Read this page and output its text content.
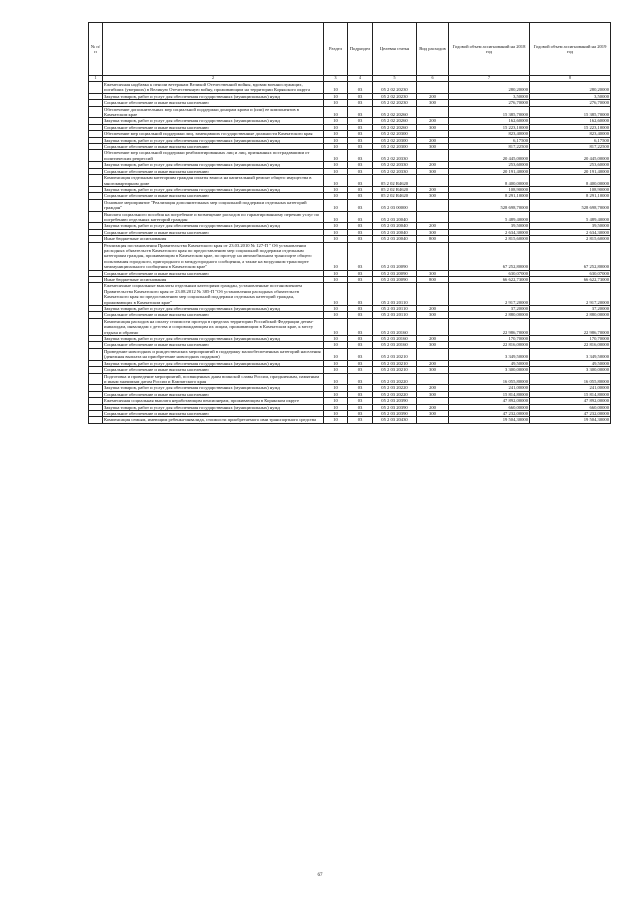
№ п/п		Раздел	Подраздел	Целевая статья	Вид расходов	Годовой объем ассигнований на 2018 год	Годовой объем ассигнований на 2019 год
1	2	3	4	5	6	7	8
	Ежемесячная надбавка к пенсии ветеранам Великой Отечественной войны, вдовам военнослужащих, погибших (умерших) в Великую Отечественную войну, проживающим на территории Корякского округа	10	03	05 2 02 20230		280,20000	280,20000
	Закупка товаров, работ и услуг для обеспечения государственных (муниципальных) нужд	10	03	05 2 02 20230	200	3,50000	3,50000
	Социальное обеспечение и иные выплаты населению	10	03	05 2 02 20230	300	276,70000	276,70000
	Обеспечение дополнительных мер социальной поддержки донорам крови и (или) ее компонентов в Камчатском крае	10	03	05 2 02 20260		15 385,70000	15 385,70000
	Закупка товаров, работ и услуг для обеспечения государственных (муниципальных) нужд	10	03	05 2 02 20260	200	162,60000	162,60000
	Социальное обеспечение и иные выплаты населению	10	03	05 2 02 20260	300	15 223,10000	15 223,10000
	Обеспечение мер социальной поддержки лиц, замещавших государственные должности Камчатского края	10	03	05 2 02 20300		823,40000	823,40000
	Закупка товаров, работ и услуг для обеспечения государственных (муниципальных) нужд	10	03	05 2 02 20300	200	6,17500	6,17500
	Социальное обеспечение и иные выплаты населению	10	03	05 2 02 20300	300	817,22500	817,22500
	Обеспечение мер социальной поддержки реабилитированных лиц и лиц, признанных пострадавшими от политических репрессий	10	03	05 2 02 20330		20 445,00000	20 445,00000
	Закупка товаров, работ и услуг для обеспечения государственных (муниципальных) нужд	10	03	05 2 02 20330	200	253,60000	253,60000
	Социальное обеспечение и иные выплаты населению	10	03	05 2 02 20330	300	20 191,40000	20 191,40000
	Компенсация отдельным категориям граждан оплаты взноса на капитальный ремонт общего имущества в многоквартирном доме	10	03	05 2 02 R4620		8 400,00000	8 400,00000
	Закупка товаров, работ и услуг для обеспечения государственных (муниципальных) нужд	10	03	05 2 02 R4620	200	108,90000	108,90000
	Социальное обеспечение и иные выплаты населению	10	03	05 2 02 R4620	300	8 291,10000	8 291,10000
	Основное мероприятие "Реализация дополнительных мер социальной поддержки отдельных категорий граждан"	10	03	05 2 03 00000		528 698,70000	528 698,70000
	Выплата социального пособия на погребение и возмещение расходов по гарантированному перечню услуг по погребению отдельных категорий граждан	10	03	05 2 03 20040		5 489,40000	5 489,40000
	Закупка товаров, работ и услуг для обеспечения государственных (муниципальных) нужд	10	03	05 2 03 20040	200	39,50000	39,50000
	Социальное обеспечение и иные выплаты населению	10	03	05 2 03 20040	300	2 634,30000	2 634,30000
	Иные бюджетные ассигнования	10	03	05 2 03 20040	800	2 815,60000	2 815,60000
	Реализация постановления Правительства Камчатского края от 23.03.2010 № 127-П " Об установлении расходных обязательств Камчатского края по предоставлению мер социальной поддержки отдельным категориям граждан, проживающим в Камчатском крае, по проезду на автомобильном транспорте общего пользования городского, пригородного и междугородного сообщения, а также на воздушном транспорте межмуниципального сообщения в Камчатском крае"	10	03	05 2 03 20090		67 252,80000	67 252,80000
	Социальное обеспечение и иные выплаты населению	10	03	05 2 03 20090	300	630,07000	630,07000
	Иные бюджетные ассигнования	10	03	05 2 03 20090	800	66 622,73000	66 622,73000
	Ежемесячные социальные выплаты отдельным категориям граждан, установленные постановлением Правительства Камчатского края от 23.08.2012 № 385-П "Об установлении расходных обязательств Камчатского края по предоставлению мер социальной поддержки отдельных категорий граждан, проживающих в Камчатском крае"	10	03	05 2 03 20110		2 917,20000	2 917,20000
	Закупка товаров, работ и услуг для обеспечения государственных (муниципальных) нужд	10	03	05 2 03 20110	200	37,20000	37,20000
	Социальное обеспечение и иные выплаты населению	10	03	05 2 03 20110	300	2 880,00000	2 880,00000
	Компенсация расходов на оплату стоимости проезда в пределах территории Российской Федерации детям-инвалидам, инвалидам с детства и сопровождающим их лицам, проживающим в Камчатском крае, к месту отдыха и обратно	10	03	05 2 03 20160		22 986,70000	22 986,70000
	Закупка товаров, работ и услуг для обеспечения государственных (муниципальных) нужд	10	03	05 2 03 20160	200	170,70000	170,70000
	Социальное обеспечение и иные выплаты населению	10	03	05 2 03 20160	300	22 816,00000	22 816,00000
	Проведение новогодних и рождественских мероприятий в поддержку малообеспеченных категорий населения (денежная выплата на приобретение новогодних подарков)	10	03	05 2 03 20210		3 349,50000	3 349,50000
	Закупка товаров, работ и услуг для обеспечения государственных (муниципальных) нужд	10	03	05 2 03 20210	200	49,50000	49,50000
	Социальное обеспечение и иные выплаты населению	10	03	05 2 03 20210	300	3 300,00000	3 300,00000
	Подготовка и проведение мероприятий, посвященных дням воинской славы России, праздничным, памятным и иным значимым датам России и Камчатского края	10	03	05 2 03 20220		16 055,80000	16 055,80000
	Закупка товаров, работ и услуг для обеспечения государственных (муниципальных) нужд	10	03	05 2 03 20220	200	241,00000	241,00000
	Социальное обеспечение и иные выплаты населению	10	03	05 2 03 20220	300	15 814,80000	15 814,80000
	Ежемесячная социальная выплата неработающим пенсионерам, проживающим в Корякском округе	10	03	05 2 03 20390		47 892,00000	47 892,00000
	Закупка товаров, работ и услуг для обеспечения государственных (муниципальных) нужд	10	03	05 2 03 20390	200	660,00000	660,00000
	Социальное обеспечение и иные выплаты населению	10	03	05 2 03 20390	300	47 232,00000	47 232,00000
	Компенсация семьям, имеющим ребенка-инвалида, стоимости приобретаемого ими транспортного средства	10	03	05 2 03 20430		19 504,30000	19 504,30000
67
